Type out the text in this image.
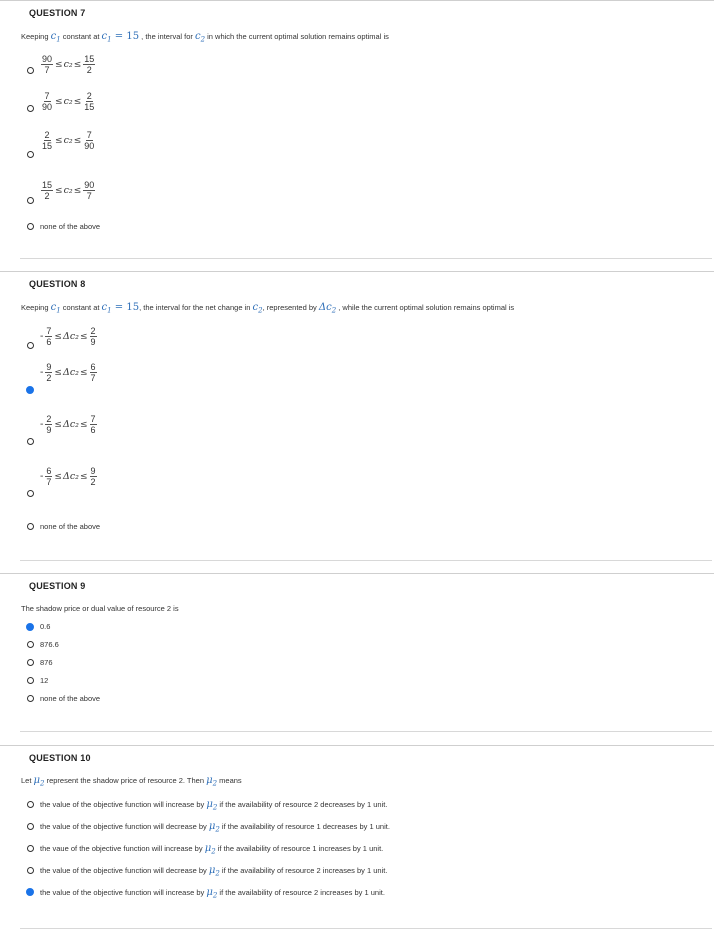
QUESTION 7
Keeping $c_1$ constant at $c_1 = 15$ , the interval for $c_2$ in which the current optimal solution remains optimal is
$\frac{90}{7} \le c_2 \le \frac{15}{2}$
$\frac{7}{90} \le c_2 \le \frac{2}{15}$
$\frac{2}{15} \le c_2 \le \frac{7}{90}$
$\frac{15}{2} \le c_2 \le \frac{90}{7}$
none of the above
QUESTION 8
Keeping $c_1$ constant at $c_1 = 15$, the interval for the net change in $c_2$, represented by $\Delta c_2$ , while the current optimal solution remains optimal is
- $\frac{7}{6} \le \Delta c_2 \le \frac{2}{9}$
- $\frac{9}{2} \le \Delta c_2 \le \frac{6}{7}$
- $\frac{2}{9} \le \Delta c_2 \le \frac{7}{6}$
- $\frac{6}{7} \le \Delta c_2 \le \frac{9}{2}$
none of the above
QUESTION 9
The shadow price or dual value of resource 2 is
0.6
876.6
876
12
none of the above
QUESTION 10
Let $\mu_2$ represent the shadow price of resource 2. Then $\mu_2$ means
the value of the objective function will increase by $\mu_2$ if the availability of resource 2 decreases by 1 unit.
the value of the objective function will decrease by $\mu_2$ if the availability of resource 1 decreases by 1 unit.
the vaue of the objective function will increase by $\mu_2$ if the availability of resource 1 increases by 1 unit.
the value of the objective function will decrease by $\mu_2$ if the availability of resource 2 increases by 1 unit.
the value of the objective function will increase by $\mu_2$ if the availability of resource 2 increases by 1 unit.
